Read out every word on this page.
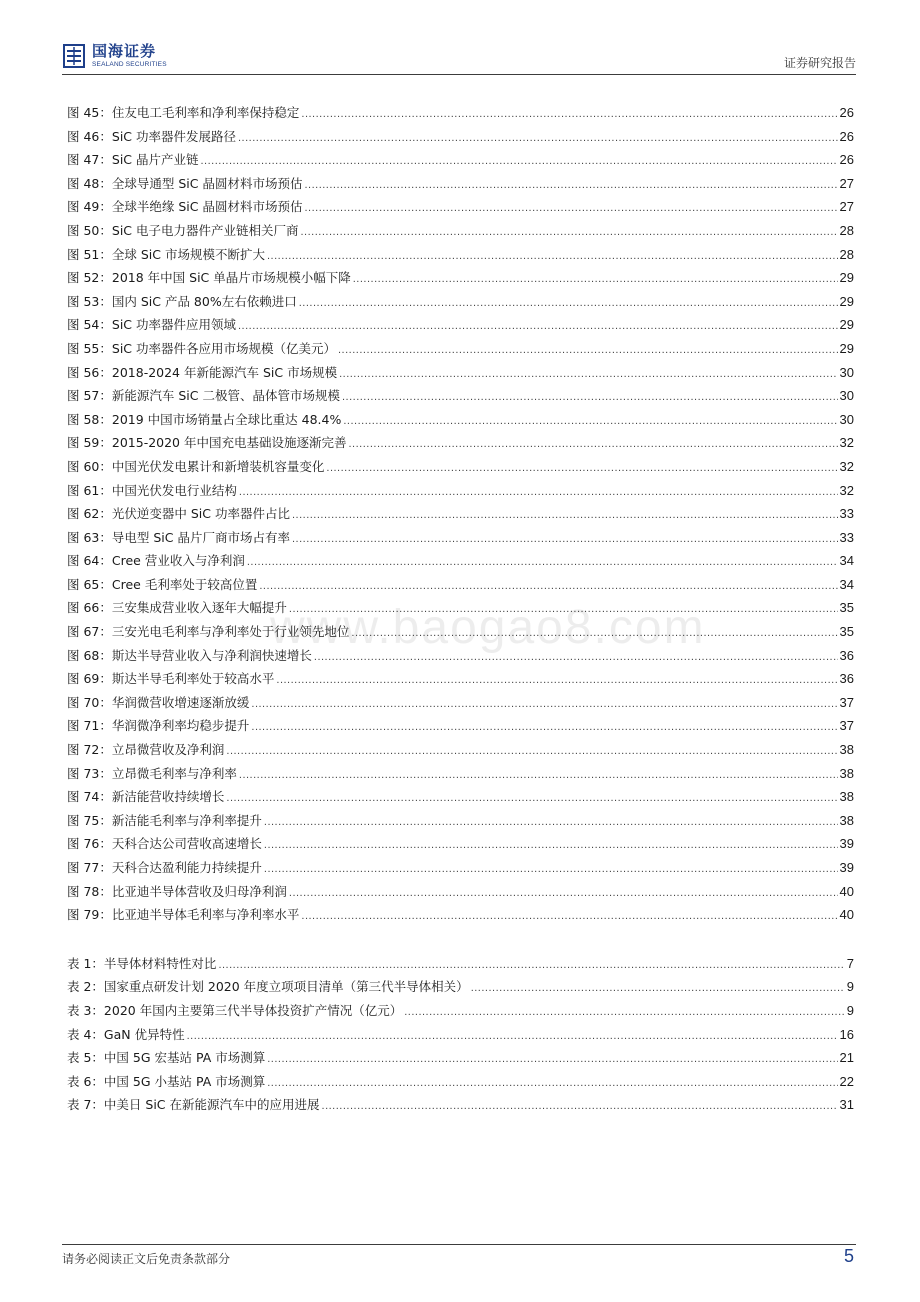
国海证券
SEALAND SECURITIES	证券研究报告
www.baogao8.com
图 45：住友电工毛利率和净利率保持稳定 .....	26
图 46：SiC 功率器件发展路径 .....	26
图 47：SiC 晶片产业链 .....	26
图 48：全球导通型 SiC 晶圆材料市场预估 .....	27
图 49：全球半绝缘 SiC 晶圆材料市场预估 .....	27
图 50：SiC 电子电力器件产业链相关厂商 .....	28
图 51：全球 SiC 市场规模不断扩大 .....	28
图 52：2018 年中国 SiC 单晶片市场规模小幅下降 .....	29
图 53：国内 SiC 产品 80%左右依赖进口 .....	29
图 54：SiC 功率器件应用领域 .....	29
图 55：SiC 功率器件各应用市场规模（亿美元） .....	29
图 56：2018-2024 年新能源汽车 SiC 市场规模 .....	30
图 57：新能源汽车 SiC 二极管、晶体管市场规模 .....	30
图 58：2019 中国市场销量占全球比重达 48.4% .....	30
图 59：2015-2020 年中国充电基础设施逐渐完善 .....	32
图 60：中国光伏发电累计和新增装机容量变化 .....	32
图 61：中国光伏发电行业结构 .....	32
图 62：光伏逆变器中 SiC 功率器件占比 .....	33
图 63：导电型 SiC 晶片厂商市场占有率 .....	33
图 64：Cree 营业收入与净利润 .....	34
图 65：Cree 毛利率处于较高位置 .....	34
图 66：三安集成营业收入逐年大幅提升 .....	35
图 67：三安光电毛利率与净利率处于行业领先地位 .....	35
图 68：斯达半导营业收入与净利润快速增长 .....	36
图 69：斯达半导毛利率处于较高水平 .....	36
图 70：华润微营收增速逐渐放缓 .....	37
图 71：华润微净利率均稳步提升 .....	37
图 72：立昂微营收及净利润 .....	38
图 73：立昂微毛利率与净利率 .....	38
图 74：新洁能营收持续增长 .....	38
图 75：新洁能毛利率与净利率提升 .....	38
图 76：天科合达公司营收高速增长 .....	39
图 77：天科合达盈利能力持续提升 .....	39
图 78：比亚迪半导体营收及归母净利润 .....	40
图 79：比亚迪半导体毛利率与净利率水平 .....	40
表 1：半导体材料特性对比 .....	7
表 2：国家重点研发计划 2020 年度立项项目清单（第三代半导体相关） .....	9
表 3：2020 年国内主要第三代半导体投资扩产情况（亿元） .....	9
表 4：GaN 优异特性 .....	16
表 5：中国 5G 宏基站 PA 市场测算 .....	21
表 6：中国 5G 小基站 PA 市场测算 .....	22
表 7：中美日 SiC 在新能源汽车中的应用进展 .....	31
请务必阅读正文后免责条款部分	5
